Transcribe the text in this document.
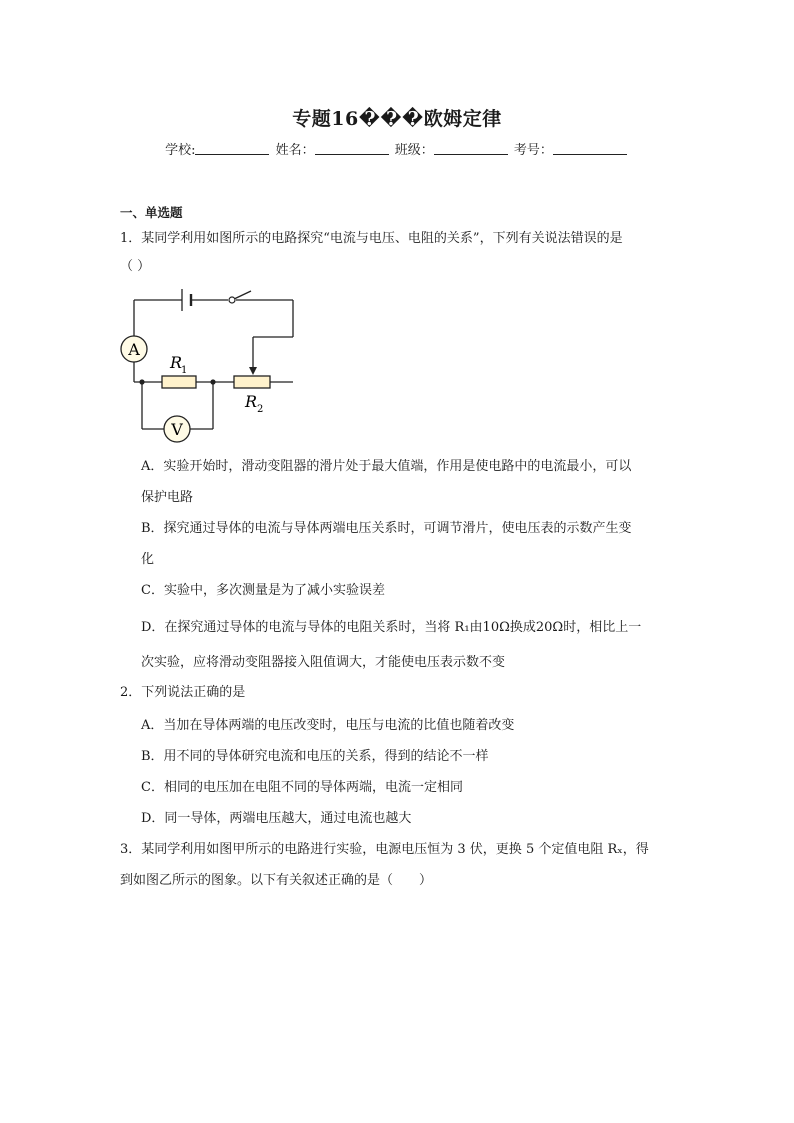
专题16���欧姆定律
学校:	姓名：	班级：	考号：
一、单选题
1．某同学利用如图所示的电路探究“电流与电压、电阻的关系”，下列有关说法错误的是
（ ）
A
V
R
1
R 2
A．实验开始时，滑动变阻器的滑片处于最大值端，作用是使电路中的电流最小，可以
保护电路
B．探究通过导体的电流与导体两端电压关系时，可调节滑片，使电压表的示数产生变
化
C．实验中，多次测量是为了减小实验误差
D．在探究通过导体的电流与导体的电阻关系时，当将 R₁由10Ω换成20Ω时，相比上一
次实验，应将滑动变阻器接入阻值调大，才能使电压表示数不变
2．下列说法正确的是
A．当加在导体两端的电压改变时，电压与电流的比值也随着改变
B．用不同的导体研究电流和电压的关系，得到的结论不一样
C．相同的电压加在电阻不同的导体两端，电流一定相同
D．同一导体，两端电压越大，通过电流也越大
3．某同学利用如图甲所示的电路进行实验，电源电压恒为 3 伏，更换 5 个定值电阻 Rₓ，得
到如图乙所示的图象。以下有关叙述正确的是（　　）
